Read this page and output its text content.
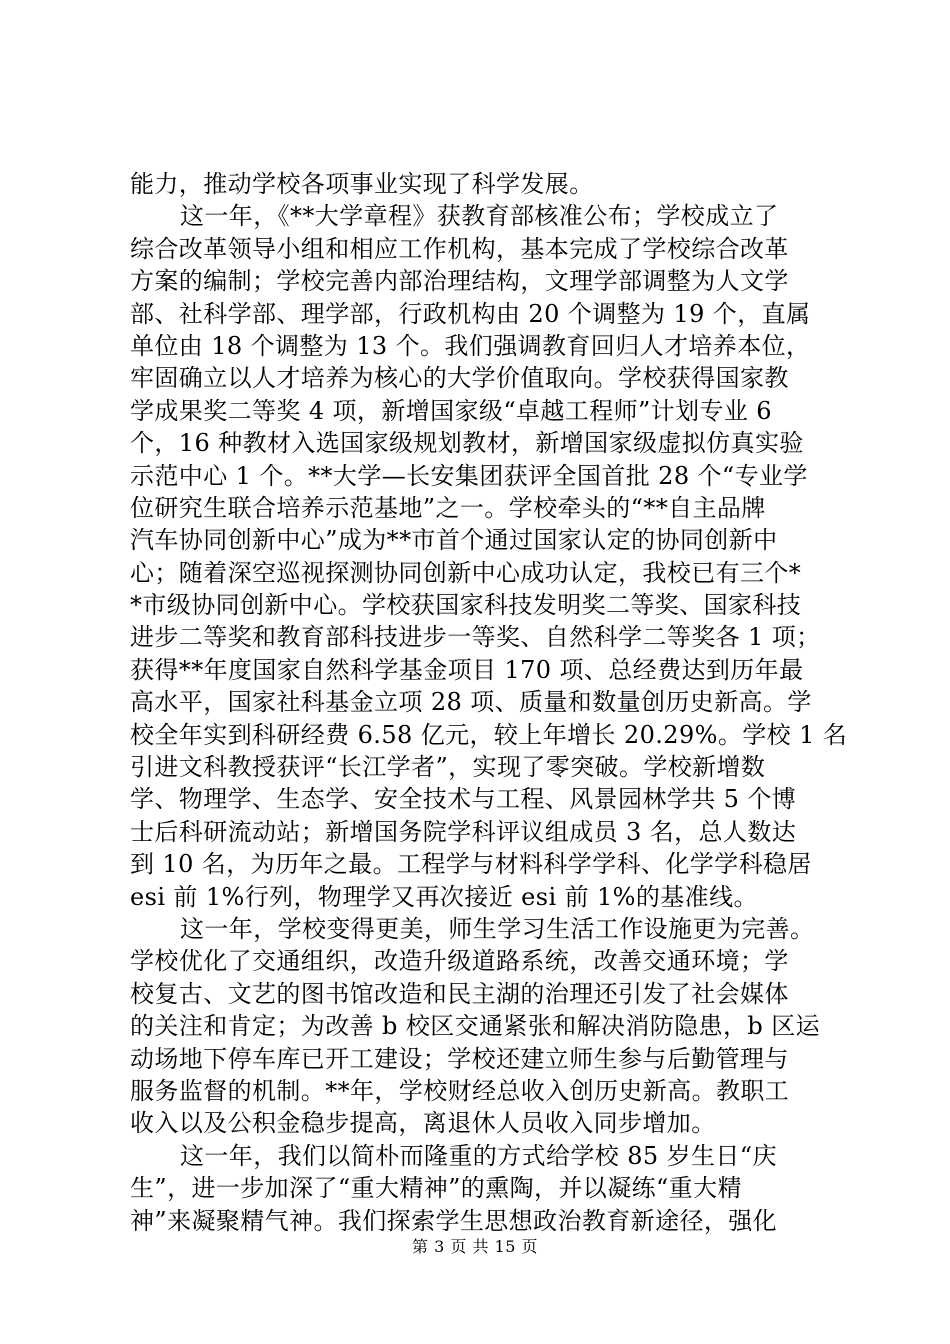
能力，推动学校各项事业实现了科学发展。
这一年，《**大学章程》获教育部核准公布；学校成立了
综合改革领导小组和相应工作机构，基本完成了学校综合改革
方案的编制；学校完善内部治理结构，文理学部调整为人文学
部、社科学部、理学部，行政机构由 20 个调整为 19 个，直属
单位由 18 个调整为 13 个。我们强调教育回归人才培养本位，
牢固确立以人才培养为核心的大学价值取向。学校获得国家教
学成果奖二等奖 4 项，新增国家级“卓越工程师”计划专业 6
个，16 种教材入选国家级规划教材，新增国家级虚拟仿真实验
示范中心 1 个。**大学—长安集团获评全国首批 28 个“专业学
位研究生联合培养示范基地”之一。学校牵头的“**自主品牌
汽车协同创新中心”成为**市首个通过国家认定的协同创新中
心；随着深空巡视探测协同创新中心成功认定，我校已有三个*
*市级协同创新中心。学校获国家科技发明奖二等奖、国家科技
进步二等奖和教育部科技进步一等奖、自然科学二等奖各 1 项；
获得**年度国家自然科学基金项目 170 项、总经费达到历年最
高水平，国家社科基金立项 28 项、质量和数量创历史新高。学
校全年实到科研经费 6.58 亿元，较上年增长 20.29%。学校 1 名
引进文科教授获评“长江学者”，实现了零突破。学校新增数
学、物理学、生态学、安全技术与工程、风景园林学共 5 个博
士后科研流动站；新增国务院学科评议组成员 3 名，总人数达
到 10 名，为历年之最。工程学与材料科学学科、化学学科稳居
esi 前 1%行列，物理学又再次接近 esi 前 1%的基准线。
这一年，学校变得更美，师生学习生活工作设施更为完善。
学校优化了交通组织，改造升级道路系统，改善交通环境；学
校复古、文艺的图书馆改造和民主湖的治理还引发了社会媒体
的关注和肯定；为改善 b 校区交通紧张和解决消防隐患，b 区运
动场地下停车库已开工建设；学校还建立师生参与后勤管理与
服务监督的机制。**年，学校财经总收入创历史新高。教职工
收入以及公积金稳步提高，离退休人员收入同步增加。
这一年，我们以简朴而隆重的方式给学校 85 岁生日“庆
生”，进一步加深了“重大精神”的熏陶，并以凝练“重大精
神”来凝聚精气神。我们探索学生思想政治教育新途径，强化
第 3 页 共 15 页
